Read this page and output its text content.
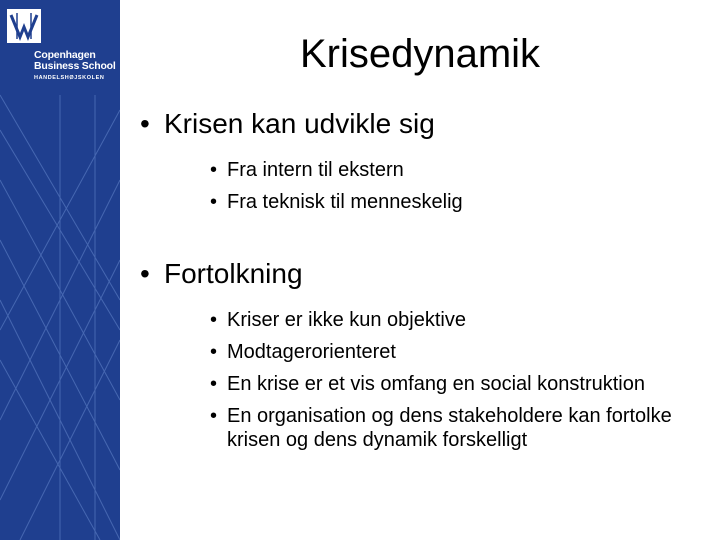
Copenhagen
Business School
HANDELSHØJSKOLEN
Krisedynamik
• Krisen kan udvikle sig
• Fra intern til ekstern
• Fra teknisk til menneskelig
• Fortolkning
• Kriser er ikke kun objektive
• Modtagerorienteret
• En krise er et vis omfang en social konstruktion
• En organisation og dens stakeholdere kan fortolke krisen og dens dynamik forskelligt
